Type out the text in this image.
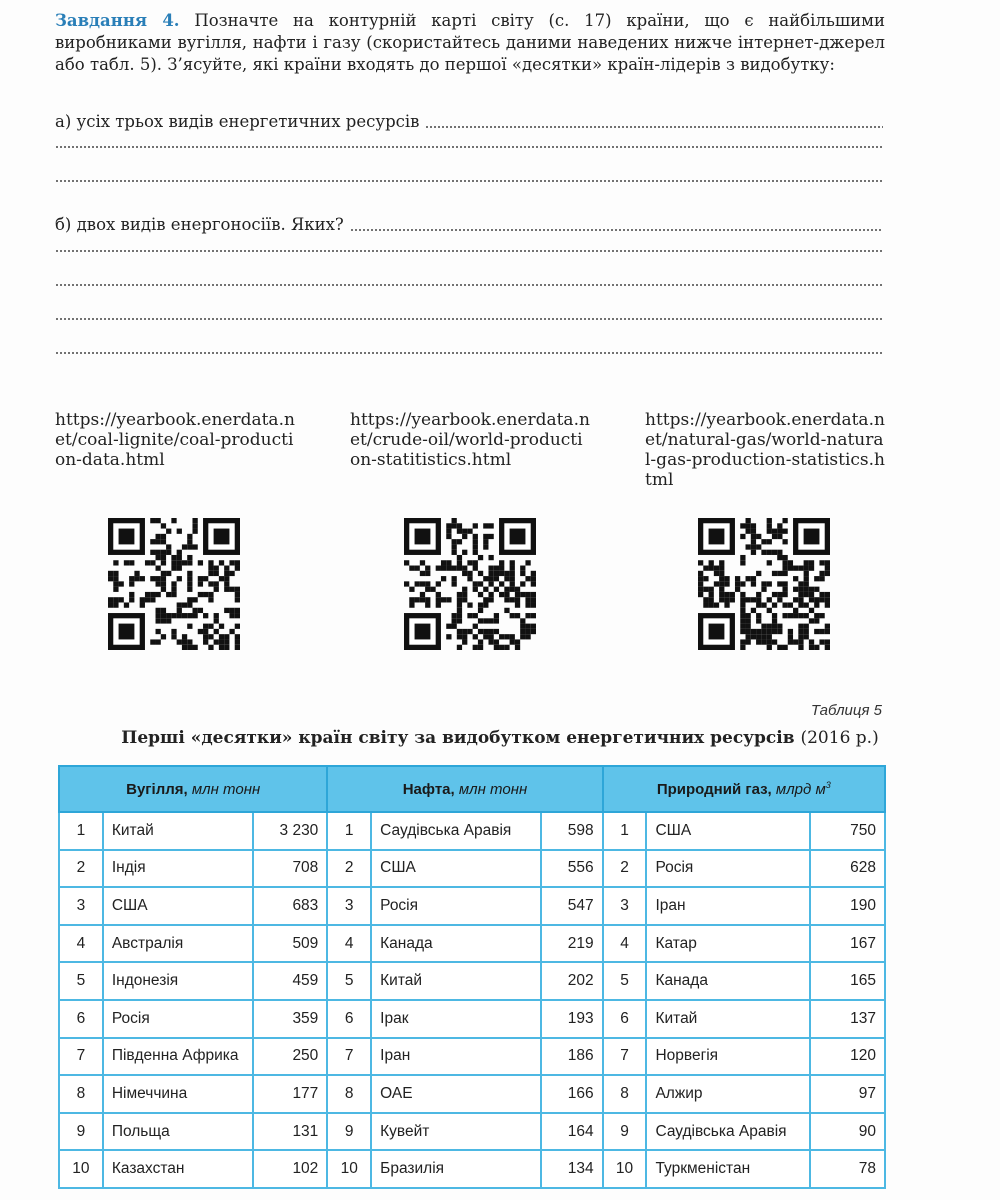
Завдання 4. Позначте на контурній карті світу (с. 17) країни, що є найбільшими виробниками вугілля, нафти і газу (скористайтесь даними наведених нижче інтернет-джерел або табл. 5). З’ясуйте, які країни входять до першої «десятки» країн-лідерів з видобутку:
а) усіх трьох видів енергетичних ресурсів
б) двох видів енергоносіїв. Яких?
https://yearbook.enerdata.net/coal-lignite/coal-production-data.html
https://yearbook.enerdata.net/crude-oil/world-production-statitistics.html
https://yearbook.enerdata.net/natural-gas/world-natural-gas-production-statistics.html
Таблиця 5
Перші «десятки» країн світу за видобутком енергетичних ресурсів (2016 р.)
Вугілля, млн тонн			Нафта, млн тонн			Природний газ, млрд $м^3$
1	Китай	3 230	1	Саудівська Аравія	598	1	США	750
2	Індія	708	2	США	556	2	Росія	628
3	США	683	3	Росія	547	3	Іран	190
4	Австралія	509	4	Канада	219	4	Катар	167
5	Індонезія	459	5	Китай	202	5	Канада	165
6	Росія	359	6	Ірак	193	6	Китай	137
7	Південна Африка	250	7	Іран	186	7	Норвегія	120
8	Німеччина	177	8	ОАЕ	166	8	Алжир	97
9	Польща	131	9	Кувейт	164	9	Саудівська Аравія	90
10	Казахстан	102	10	Бразилія	134	10	Туркменістан	78
